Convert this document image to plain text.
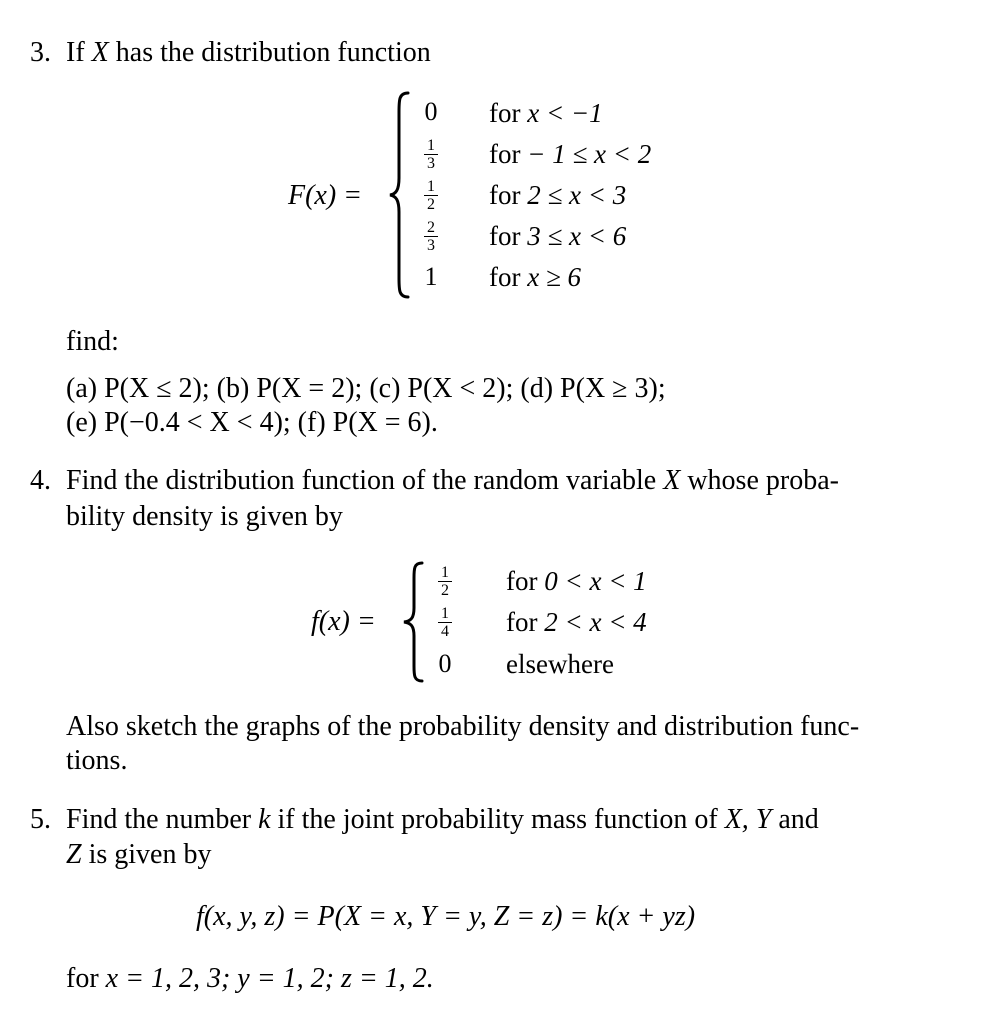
3. If X has the distribution function
F(x) =
0	for x < −1
1
3	for − 1 ≤ x < 2
1
2	for 2 ≤ x < 3
2
3	for 3 ≤ x < 6
1	for x ≥ 6
find:
(a) P(X ≤ 2); (b) P(X = 2); (c) P(X < 2); (d) P(X ≥ 3);
(e) P(−0.4 < X < 4); (f) P(X = 6).
4. Find the distribution function of the random variable X whose proba-
bility density is given by
f(x) =
1
2	for 0 < x < 1
1
4	for 2 < x < 4
0	elsewhere
Also sketch the graphs of the probability density and distribution func-
tions.
5. Find the number k if the joint probability mass function of X, Y and
Z is given by
f(x, y, z) = P(X = x, Y = y, Z = z) = k(x + yz)
for x = 1, 2, 3; y = 1, 2; z = 1, 2.
